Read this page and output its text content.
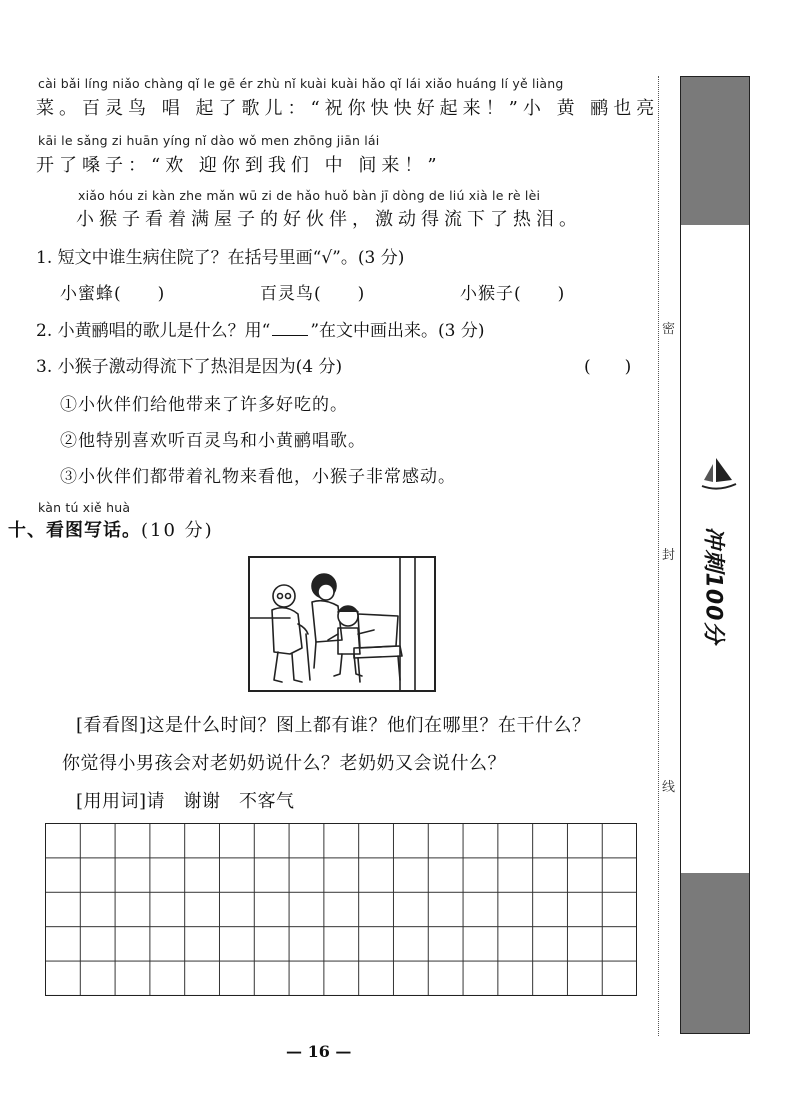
cài bǎi líng niǎo chàng qǐ le gē ér zhù nǐ kuài kuài hǎo qǐ lái xiǎo huáng lí yě liàng
菜。百灵鸟 唱 起了歌儿：“祝你快快好起来！”小 黄 鹂也亮
kāi le sǎng zi huān yíng nǐ dào wǒ men zhōng jiān lái
开了嗓子：“欢 迎你到我们 中 间来！”
xiǎo hóu zi kàn zhe mǎn wū zi de hǎo huǒ bàn jī dòng de liú xià le rè lèi
小猴子看着满屋子的好伙伴，激动得流下了热泪。
1. 短文中谁生病住院了？在括号里画“√”。(3 分)
小蜜蜂(　　)	百灵鸟(　　)	小猴子(　　)
2. 小黄鹂唱的歌儿是什么？用“ ”在文中画出来。(3 分)
3. 小猴子激动得流下了热泪是因为(4 分)	(　　)
①小伙伴们给他带来了许多好吃的。
②他特别喜欢听百灵鸟和小黄鹂唱歌。
③小伙伴们都带着礼物来看他，小猴子非常感动。
kàn tú xiě huà
十、看图写话。(10 分)
[看看图]这是什么时间？图上都有谁？他们在哪里？在干什么？
你觉得小男孩会对老奶奶说什么？老奶奶又会说什么？
[用用词]请　谢谢　不客气
— 16 —
密
封
线
冲刺100分
